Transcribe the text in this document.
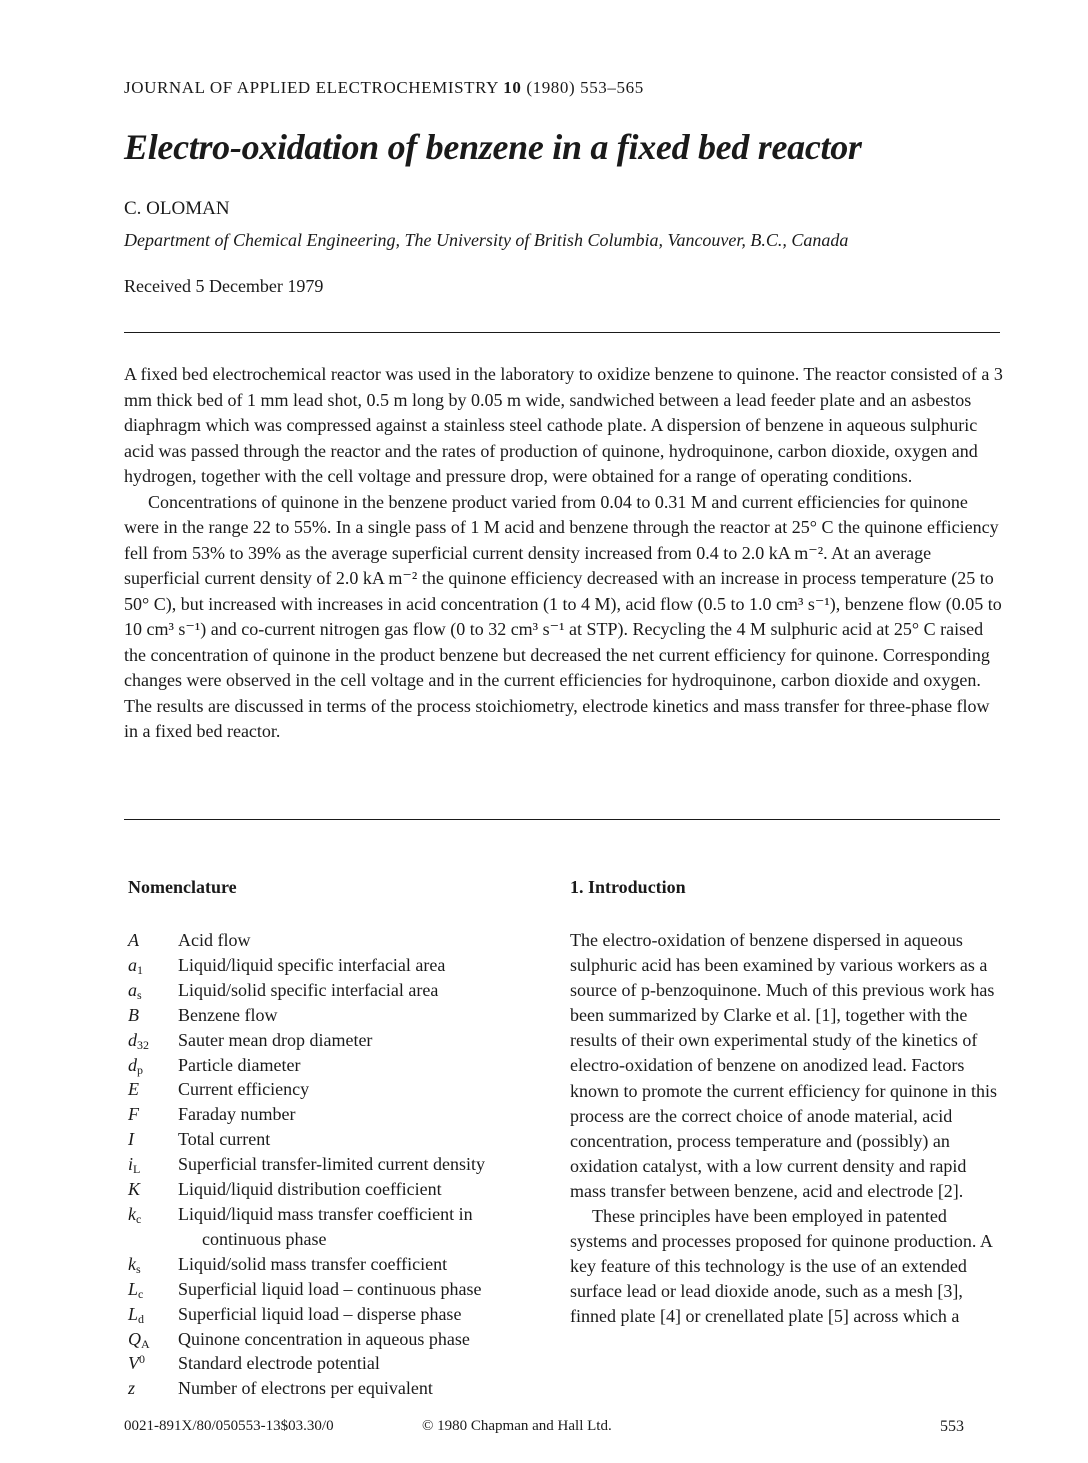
JOURNAL OF APPLIED ELECTROCHEMISTRY 10 (1980) 553–565
Electro-oxidation of benzene in a fixed bed reactor
C. OLOMAN
Department of Chemical Engineering, The University of British Columbia, Vancouver, B.C., Canada
Received 5 December 1979

A fixed bed electrochemical reactor was used in the laboratory to oxidize benzene to quinone. The reactor consisted of a 3 mm thick bed of 1 mm lead shot, 0.5 m long by 0.05 m wide, sandwiched between a lead feeder plate and an asbestos diaphragm which was compressed against a stainless steel cathode plate. A dispersion of benzene in aqueous sulphuric acid was passed through the reactor and the rates of production of quinone, hydroquinone, carbon dioxide, oxygen and hydrogen, together with the cell voltage and pressure drop, were obtained for a range of operating conditions.

Concentrations of quinone in the benzene product varied from 0.04 to 0.31 M and current efficiencies for quinone were in the range 22 to 55%. In a single pass of 1 M acid and benzene through the reactor at 25° C the quinone efficiency fell from 53% to 39% as the average superficial current density increased from 0.4 to 2.0 kA m⁻². At an average superficial current density of 2.0 kA m⁻² the quinone efficiency decreased with an increase in process temperature (25 to 50° C), but increased with increases in acid concentration (1 to 4 M), acid flow (0.5 to 1.0 cm³ s⁻¹), benzene flow (0.05 to 10 cm³ s⁻¹) and co-current nitrogen gas flow (0 to 32 cm³ s⁻¹ at STP). Recycling the 4 M sulphuric acid at 25° C raised the concentration of quinone in the product benzene but decreased the net current efficiency for quinone. Corresponding changes were observed in the cell voltage and in the current efficiencies for hydroquinone, carbon dioxide and oxygen. The results are discussed in terms of the process stoichiometry, electrode kinetics and mass transfer for three-phase flow in a fixed bed reactor.

Nomenclature
A	Acid flow
$a_1$	Liquid/liquid specific interfacial area
$a_s$	Liquid/solid specific interfacial area
B	Benzene flow
$d_{32}$	Sauter mean drop diameter
$d_p$	Particle diameter
E	Current efficiency
F	Faraday number
I	Total current
$i_L$	Superficial transfer-limited current density
K	Liquid/liquid distribution coefficient
$k_c$	Liquid/liquid mass transfer coefficient in
continuous phase
$k_s$	Liquid/solid mass transfer coefficient
$L_c$	Superficial liquid load – continuous phase
$L_d$	Superficial liquid load – disperse phase
$Q_A$	Quinone concentration in aqueous phase
$V^0$	Standard electrode potential
z	Number of electrons per equivalent
1. Introduction

The electro-oxidation of benzene dispersed in aqueous sulphuric acid has been examined by various workers as a source of p-benzoquinone. Much of this previous work has been summarized by Clarke et al. [1], together with the results of their own experimental study of the kinetics of electro-oxidation of benzene on anodized lead. Factors known to promote the current efficiency for quinone in this process are the correct choice of anode material, acid concentration, process temperature and (possibly) an oxidation catalyst, with a low current density and rapid mass transfer between benzene, acid and electrode [2].

These principles have been employed in patented systems and processes proposed for quinone production. A key feature of this technology is the use of an extended surface lead or lead dioxide anode, such as a mesh [3], finned plate [4] or crenellated plate [5] across which a

0021-891X/80/050553-13$03.30/0	© 1980 Chapman and Hall Ltd.	553
